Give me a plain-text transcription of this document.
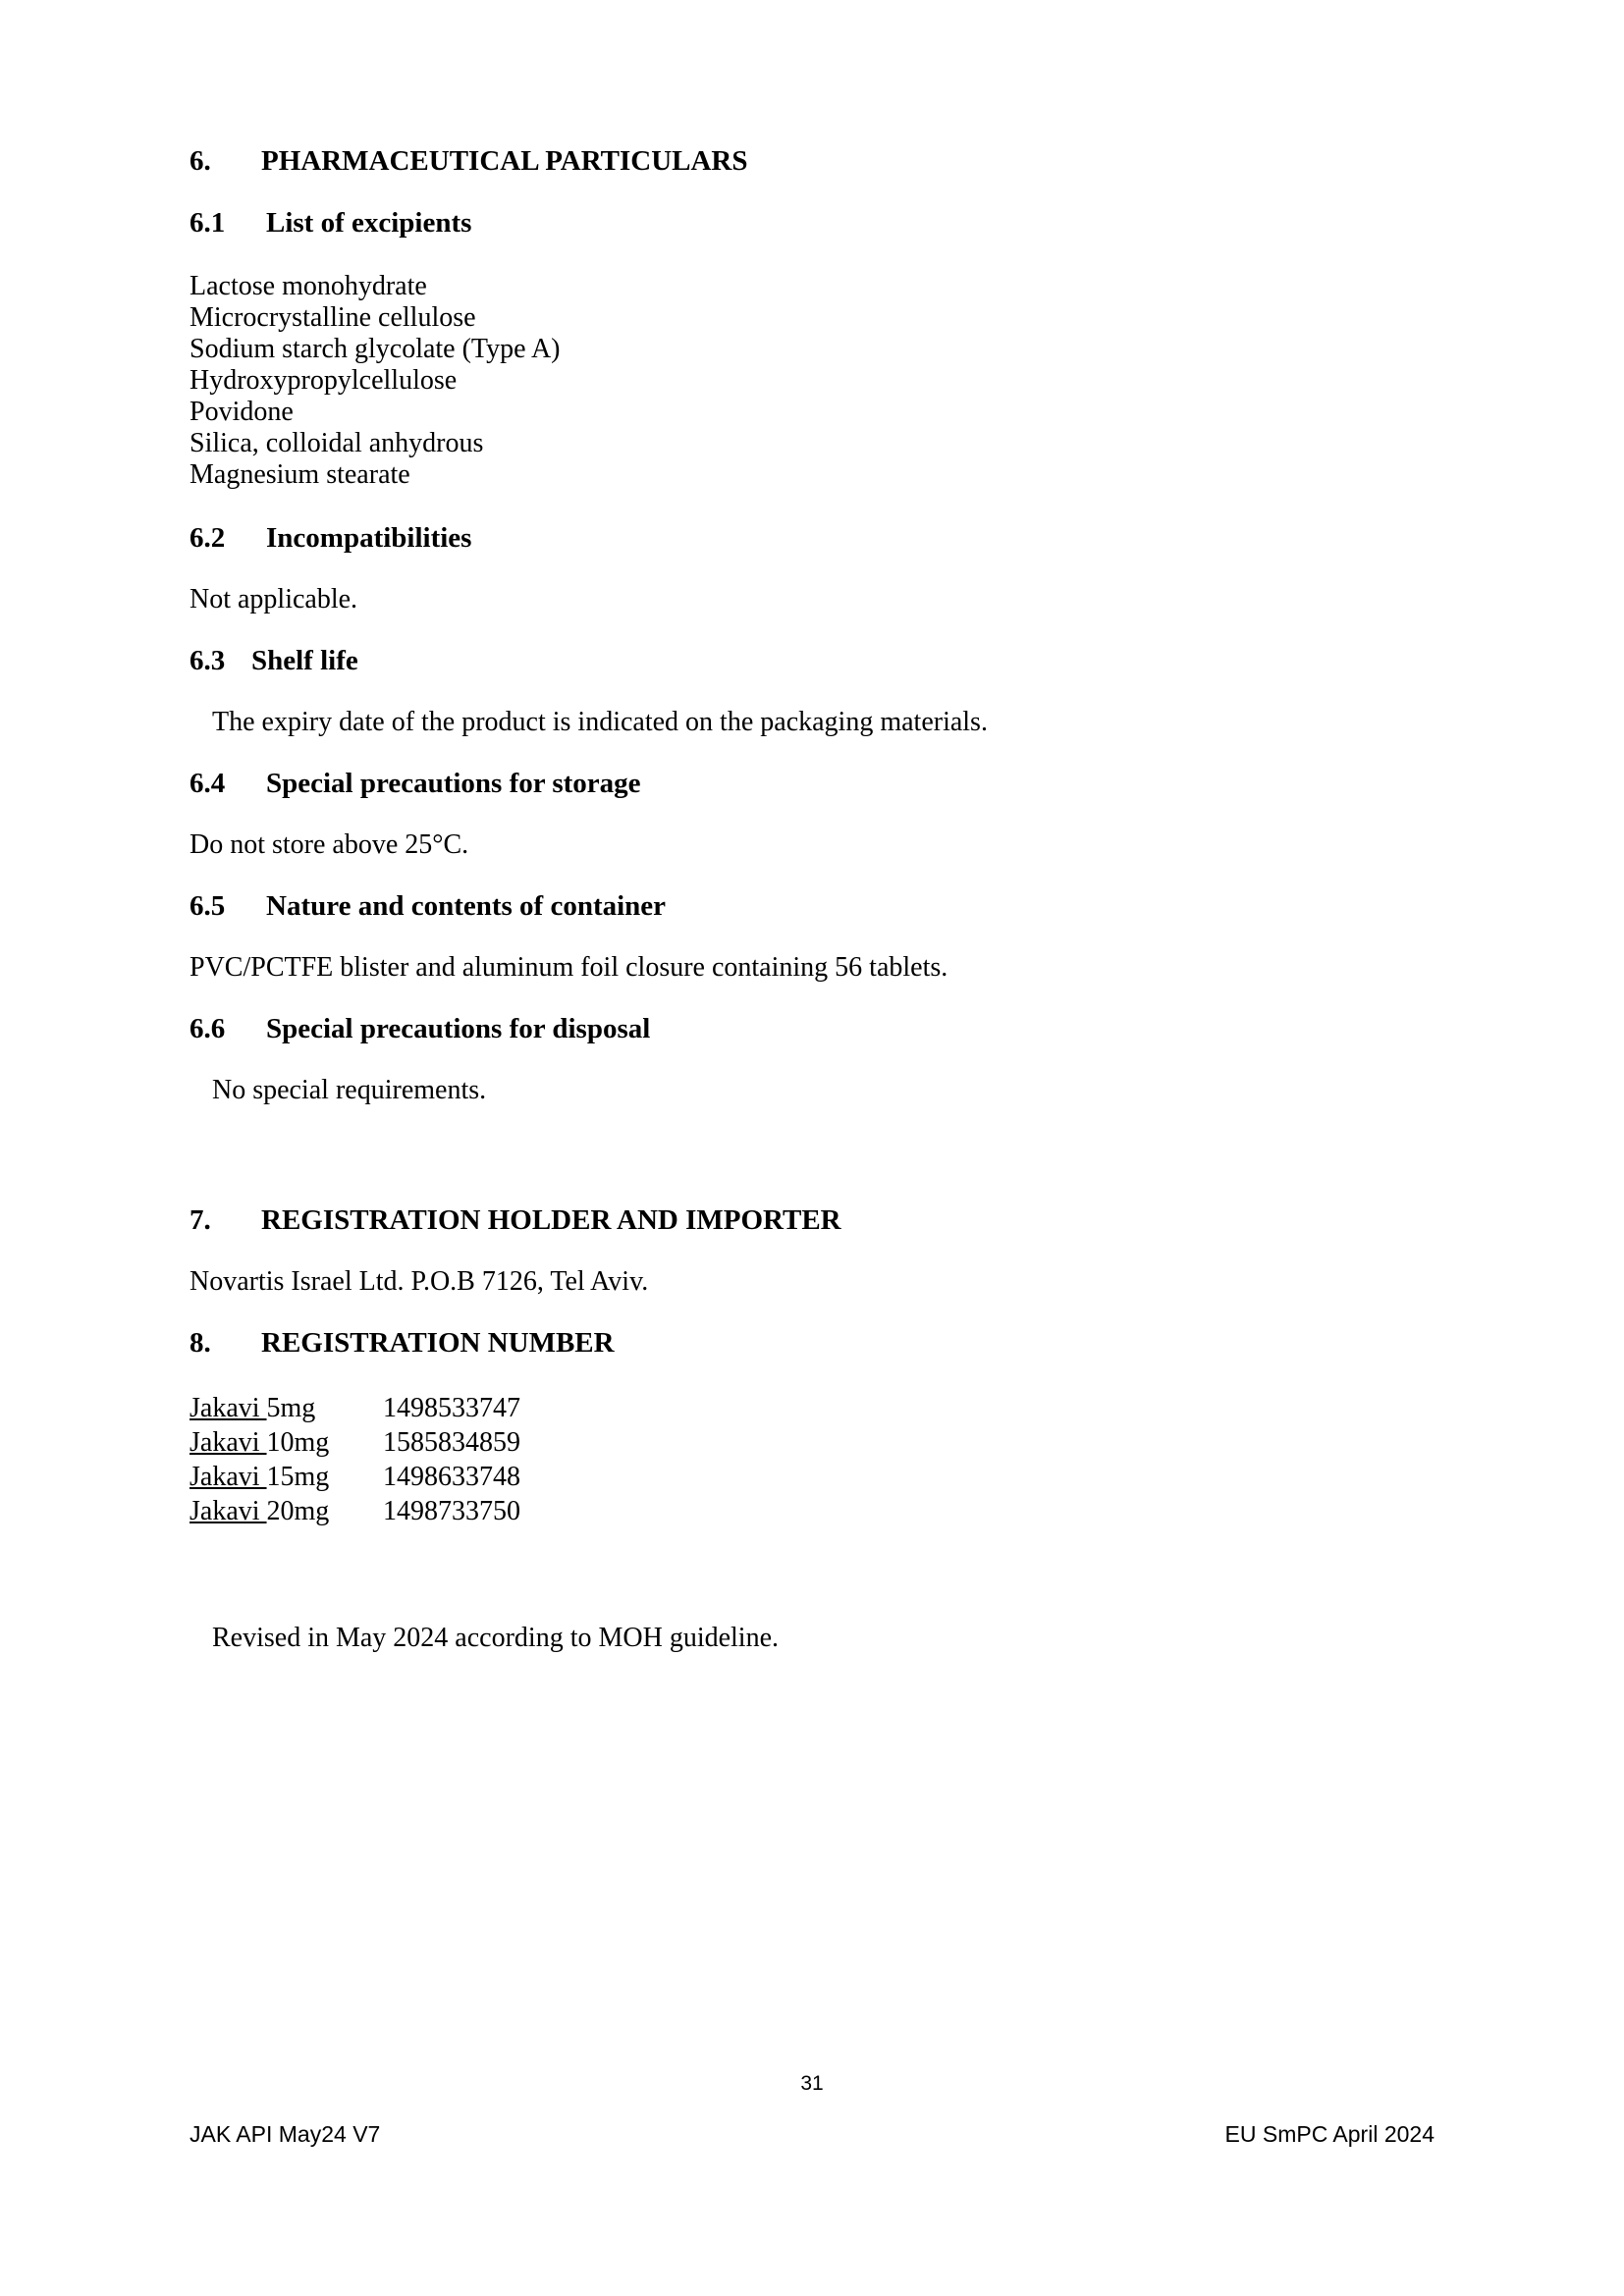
6. PHARMACEUTICAL PARTICULARS
6.1 List of excipients
Lactose monohydrate
Microcrystalline cellulose
Sodium starch glycolate (Type A)
Hydroxypropylcellulose
Povidone
Silica, colloidal anhydrous
Magnesium stearate
6.2 Incompatibilities
Not applicable.
6.3 Shelf life
The expiry date of the product is indicated on the packaging materials.
6.4 Special precautions for storage
Do not store above 25°C.
6.5 Nature and contents of container
PVC/PCTFE blister and aluminum foil closure containing 56 tablets.
6.6 Special precautions for disposal
No special requirements.
7. REGISTRATION HOLDER AND IMPORTER
Novartis Israel Ltd. P.O.B 7126, Tel Aviv.
8. REGISTRATION NUMBER
Jakavi 5mg	1498533747
Jakavi 10mg	1585834859
Jakavi 15mg	1498633748
Jakavi 20mg	1498733750
Revised in May 2024 according to MOH guideline.
31
JAK API May24 V7	EU SmPC April 2024
